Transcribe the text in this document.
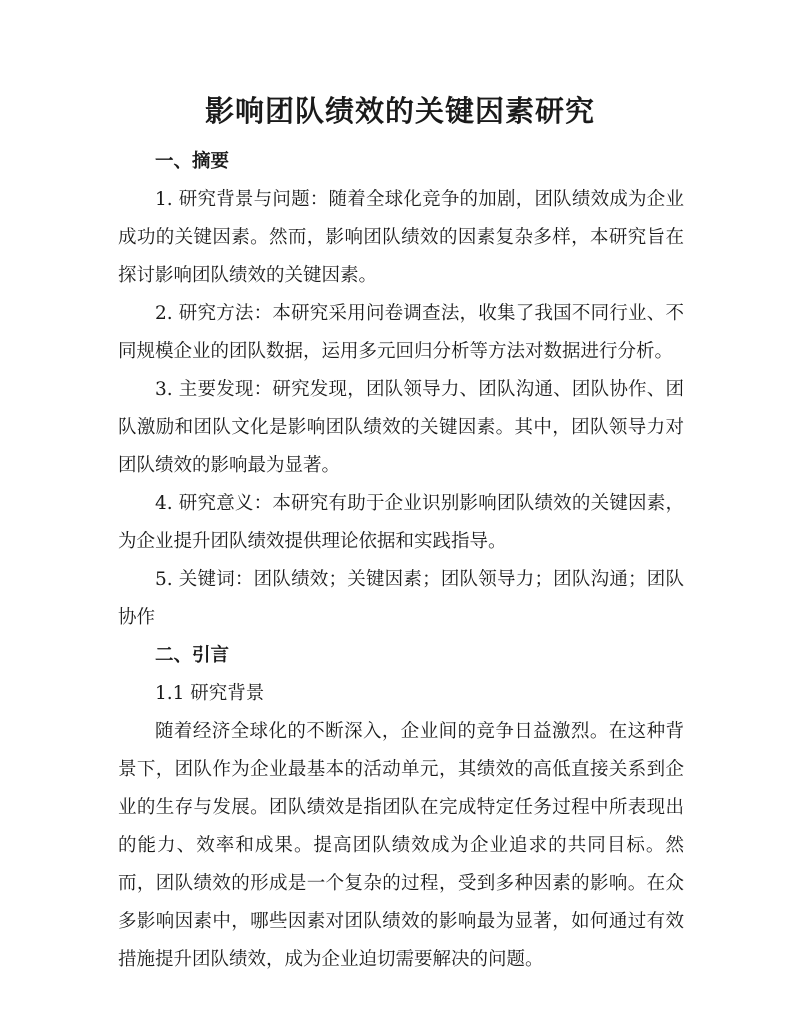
影响团队绩效的关键因素研究
一、摘要
1. 研究背景与问题：随着全球化竞争的加剧，团队绩效成为企业成功的关键因素。然而，影响团队绩效的因素复杂多样，本研究旨在探讨影响团队绩效的关键因素。
2. 研究方法：本研究采用问卷调查法，收集了我国不同行业、不同规模企业的团队数据，运用多元回归分析等方法对数据进行分析。
3. 主要发现：研究发现，团队领导力、团队沟通、团队协作、团队激励和团队文化是影响团队绩效的关键因素。其中，团队领导力对团队绩效的影响最为显著。
4. 研究意义：本研究有助于企业识别影响团队绩效的关键因素，为企业提升团队绩效提供理论依据和实践指导。
5. 关键词：团队绩效；关键因素；团队领导力；团队沟通；团队协作
二、引言
1.1 研究背景
随着经济全球化的不断深入，企业间的竞争日益激烈。在这种背景下，团队作为企业最基本的活动单元，其绩效的高低直接关系到企业的生存与发展。团队绩效是指团队在完成特定任务过程中所表现出的能力、效率和成果。提高团队绩效成为企业追求的共同目标。然而，团队绩效的形成是一个复杂的过程，受到多种因素的影响。在众多影响因素中，哪些因素对团队绩效的影响最为显著，如何通过有效措施提升团队绩效，成为企业迫切需要解决的问题。
